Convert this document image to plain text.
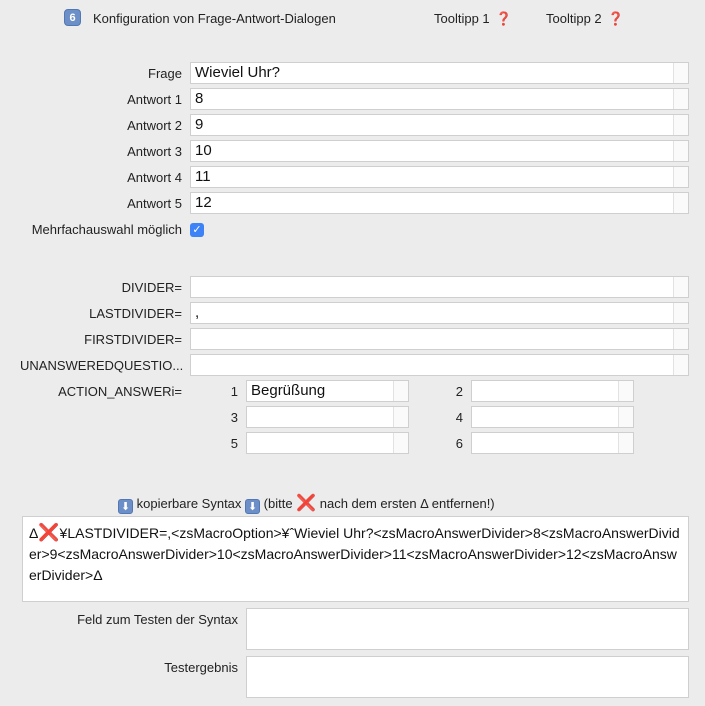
6	Konfiguration von Frage-Antwort-Dialogen	Tooltipp 1 ❓	Tooltipp 2 ❓
Frage Wieviel Uhr?
Antwort 1 8
Antwort 2 9
Antwort 3 10
Antwort 4 11
Antwort 5 12
Mehrfachauswahl möglich ✓
DIVIDER=
LASTDIVIDER= ,
FIRSTDIVIDER=
UNANSWEREDQUESTIO...
ACTION_ANSWERi=	1 Begrüßung	2
3	4
5	6
⬇ kopierbare Syntax ⬇ (bitte ❌ nach dem ersten Δ entfernen!)
Δ❌¥LASTDIVIDER=,<zsMacroOption>¥ˆWieviel Uhr?<zsMacroAnswerDivider>8<zsMacroAnswerDivider>9<zsMacroAnswerDivider>10<zsMacroAnswerDivider>11<zsMacroAnswerDivider>12<zsMacroAnswerDivider>Δ
Feld zum Testen der Syntax
Testergebnis
